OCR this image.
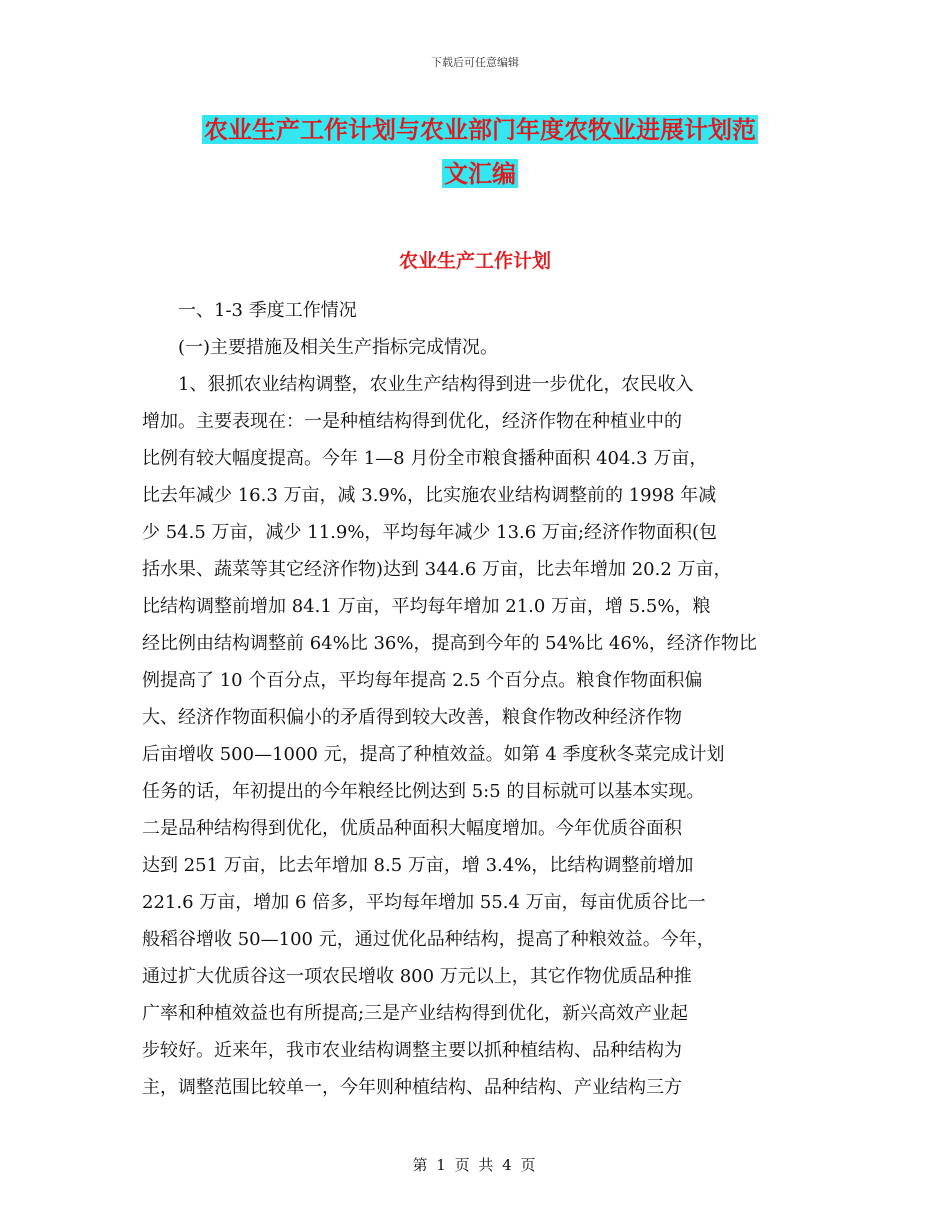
下载后可任意编辑
农业生产工作计划与农业部门年度农牧业进展计划范
文汇编
农业生产工作计划

　　一、1-3 季度工作情况

　　(一)主要措施及相关生产指标完成情况。

　　1、狠抓农业结构调整，农业生产结构得到进一步优化，农民收入

增加。主要表现在：一是种植结构得到优化，经济作物在种植业中的

比例有较大幅度提高。今年 1—8 月份全市粮食播种面积 404.3 万亩，

比去年减少 16.3 万亩，减 3.9%，比实施农业结构调整前的 1998 年减

少 54.5 万亩，减少 11.9%，平均每年减少 13.6 万亩;经济作物面积(包

括水果、蔬菜等其它经济作物)达到 344.6 万亩，比去年增加 20.2 万亩，

比结构调整前增加 84.1 万亩，平均每年增加 21.0 万亩，增 5.5%，粮

经比例由结构调整前 64%比 36%，提高到今年的 54%比 46%，经济作物比

例提高了 10 个百分点，平均每年提高 2.5 个百分点。粮食作物面积偏

大、经济作物面积偏小的矛盾得到较大改善，粮食作物改种经济作物

后亩增收 500—1000 元，提高了种植效益。如第 4 季度秋冬菜完成计划

任务的话，年初提出的今年粮经比例达到 5:5 的目标就可以基本实现。

二是品种结构得到优化，优质品种面积大幅度增加。今年优质谷面积

达到 251 万亩，比去年增加 8.5 万亩，增 3.4%，比结构调整前增加

221.6 万亩，增加 6 倍多，平均每年增加 55.4 万亩，每亩优质谷比一

般稻谷增收 50—100 元，通过优化品种结构，提高了种粮效益。今年，

通过扩大优质谷这一项农民增收 800 万元以上，其它作物优质品种推

广率和种植效益也有所提高;三是产业结构得到优化，新兴高效产业起

步较好。近来年，我市农业结构调整主要以抓种植结构、品种结构为

主，调整范围比较单一，今年则种植结构、品种结构、产业结构三方

第 1 页 共 4 页
